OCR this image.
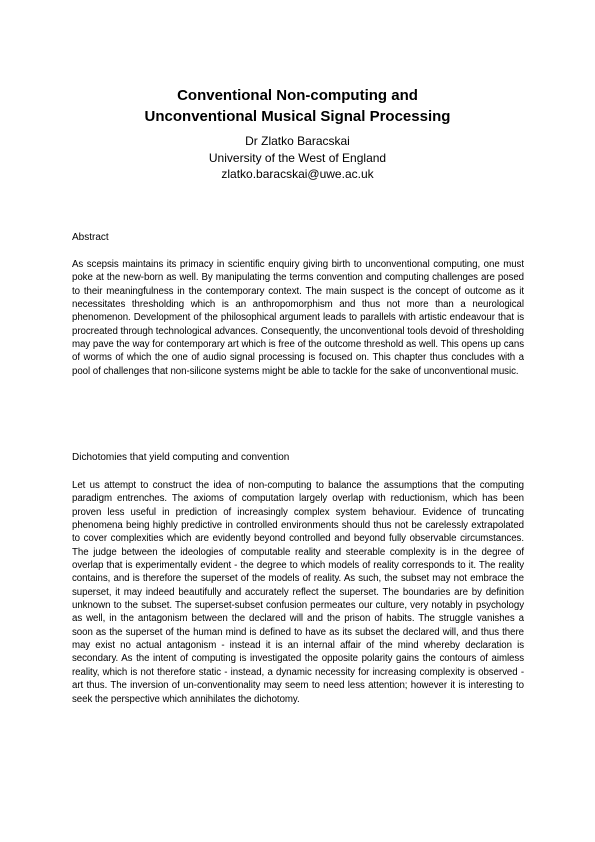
Conventional Non-computing and
Unconventional Musical Signal Processing
Dr Zlatko Baracskai
University of the West of England
zlatko.baracskai@uwe.ac.uk
Abstract

As scepsis maintains its primacy in scientific enquiry giving birth to unconventional computing, one must poke at the new-born as well. By manipulating the terms convention and computing challenges are posed to their meaningfulness in the contemporary context. The main suspect is the concept of outcome as it necessitates thresholding which is an anthropomorphism and thus not more than a neurological phenomenon. Development of the philosophical argument leads to parallels with artistic endeavour that is procreated through technological advances. Consequently, the unconventional tools devoid of thresholding may pave the way for contemporary art which is free of the outcome threshold as well. This opens up cans of worms of which the one of audio signal processing is focused on. This chapter thus concludes with a pool of challenges that non-silicone systems might be able to tackle for the sake of unconventional music.

Dichotomies that yield computing and convention

Let us attempt to construct the idea of non-computing to balance the assumptions that the computing paradigm entrenches. The axioms of computation largely overlap with reductionism, which has been proven less useful in prediction of increasingly complex system behaviour. Evidence of truncating phenomena being highly predictive in controlled environments should thus not be carelessly extrapolated to cover complexities which are evidently beyond controlled and beyond fully observable circumstances. The judge between the ideologies of computable reality and steerable complexity is in the degree of overlap that is experimentally evident - the degree to which models of reality corresponds to it. The reality contains, and is therefore the superset of the models of reality. As such, the subset may not embrace the superset, it may indeed beautifully and accurately reflect the superset. The boundaries are by definition unknown to the subset. The superset-subset confusion permeates our culture, very notably in psychology as well, in the antagonism between the declared will and the prison of habits. The struggle vanishes a soon as the superset of the human mind is defined to have as its subset the declared will, and thus there may exist no actual antagonism - instead it is an internal affair of the mind whereby declaration is secondary. As the intent of computing is investigated the opposite polarity gains the contours of aimless reality, which is not therefore static - instead, a dynamic necessity for increasing complexity is observed - art thus. The inversion of un-conventionality may seem to need less attention; however it is interesting to seek the perspective which annihilates the dichotomy.
